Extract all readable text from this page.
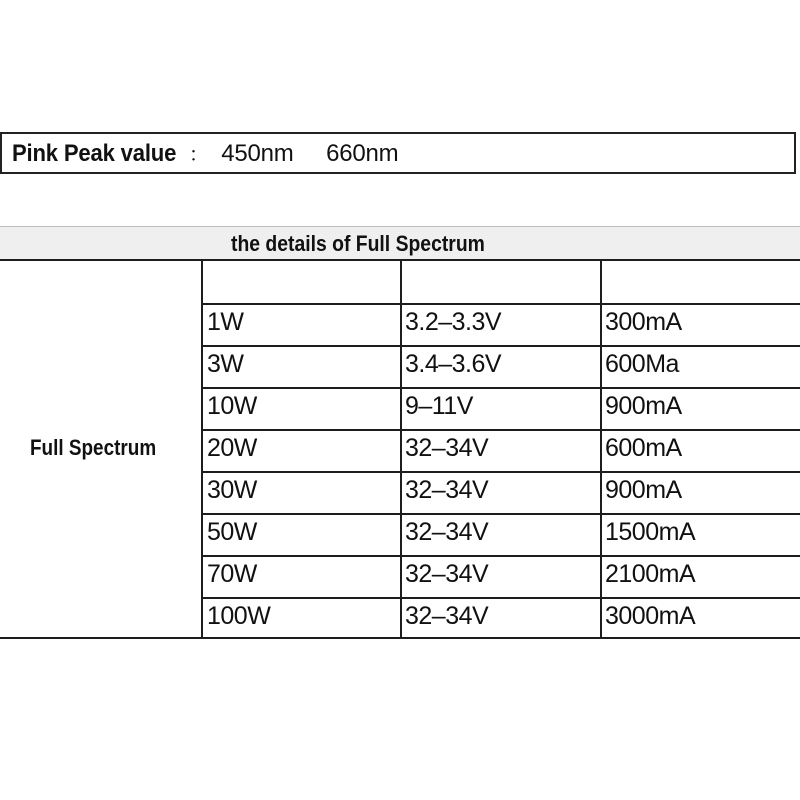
Pink Peak value ： 450nm 660nm
the details of Full Spectrum
Full Spectrum
1W	3.2–3.3V	300mA
3W	3.4–3.6V	600Ma
10W	9–11V	900mA
20W	32–34V	600mA
30W	32–34V	900mA
50W	32–34V	1500mA
70W	32–34V	2100mA
100W	32–34V	3000mA
